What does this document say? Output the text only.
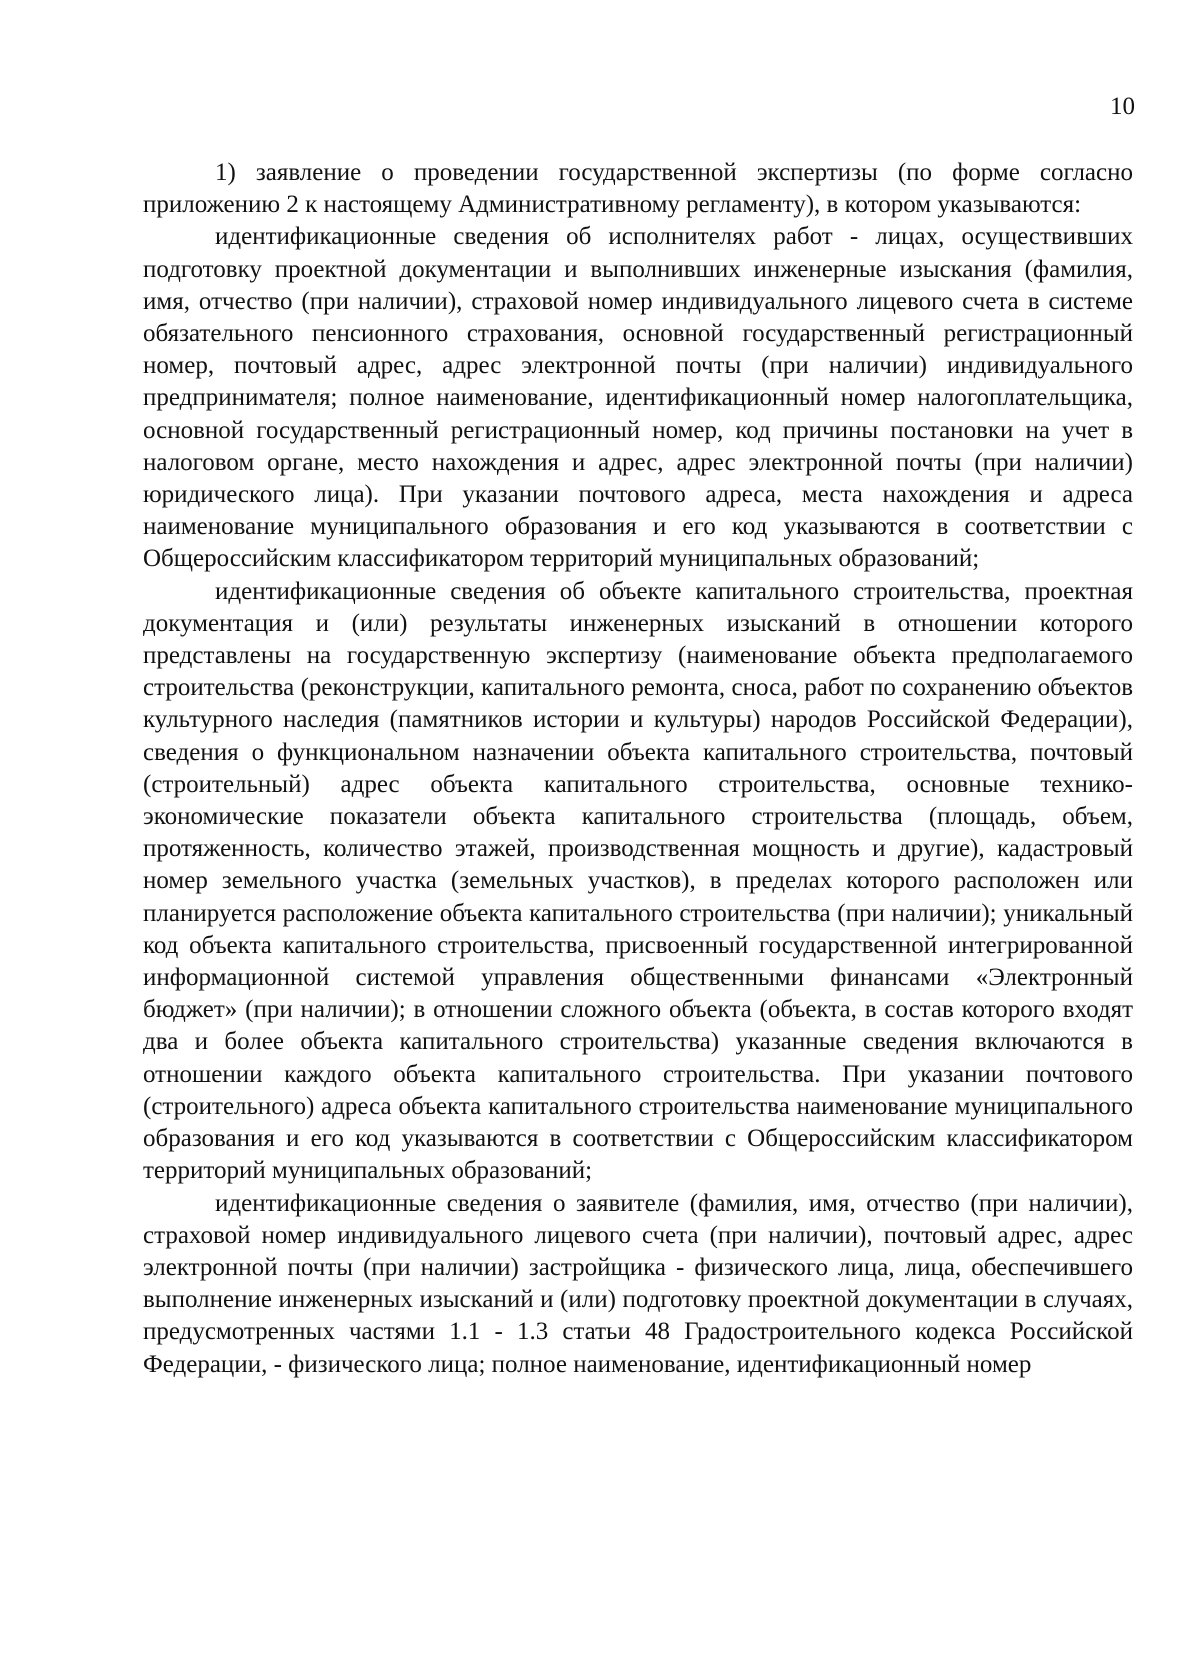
10

1) заявление о проведении государственной экспертизы (по форме согласно приложению 2 к настоящему Административному регламенту), в котором указываются:

идентификационные сведения об исполнителях работ - лицах, осуществивших подготовку проектной документации и выполнивших инженерные изыскания (фамилия, имя, отчество (при наличии), страховой номер индивидуального лицевого счета в системе обязательного пенсионного страхования, основной государственный регистрационный номер, почтовый адрес, адрес электронной почты (при наличии) индивидуального предпринимателя; полное наименование, идентификационный номер налогоплательщика, основной государственный регистрационный номер, код причины постановки на учет в налоговом органе, место нахождения и адрес, адрес электронной почты (при наличии) юридического лица). При указании почтового адреса, места нахождения и адреса наименование муниципального образования и его код указываются в соответствии с Общероссийским классификатором территорий муниципальных образований;

идентификационные сведения об объекте капитального строительства, проектная документация и (или) результаты инженерных изысканий в отношении которого представлены на государственную экспертизу (наименование объекта предполагаемого строительства (реконструкции, капитального ремонта, сноса, работ по сохранению объектов культурного наследия (памятников истории и культуры) народов Российской Федерации), сведения о функциональном назначении объекта капитального строительства, почтовый (строительный) адрес объекта капитального строительства, основные технико-экономические показатели объекта капитального строительства (площадь, объем, протяженность, количество этажей, производственная мощность и другие), кадастровый номер земельного участка (земельных участков), в пределах которого расположен или планируется расположение объекта капитального строительства (при наличии); уникальный код объекта капитального строительства, присвоенный государственной интегрированной информационной системой управления общественными финансами «Электронный бюджет» (при наличии); в отношении сложного объекта (объекта, в состав которого входят два и более объекта капитального строительства) указанные сведения включаются в отношении каждого объекта капитального строительства. При указании почтового (строительного) адреса объекта капитального строительства наименование муниципального образования и его код указываются в соответствии с Общероссийским классификатором территорий муниципальных образований;

идентификационные сведения о заявителе (фамилия, имя, отчество (при наличии), страховой номер индивидуального лицевого счета (при наличии), почтовый адрес, адрес электронной почты (при наличии) застройщика - физического лица, лица, обеспечившего выполнение инженерных изысканий и (или) подготовку проектной документации в случаях, предусмотренных частями 1.1 - 1.3 статьи 48 Градостроительного кодекса Российской Федерации, - физического лица; полное наименование, идентификационный номер
